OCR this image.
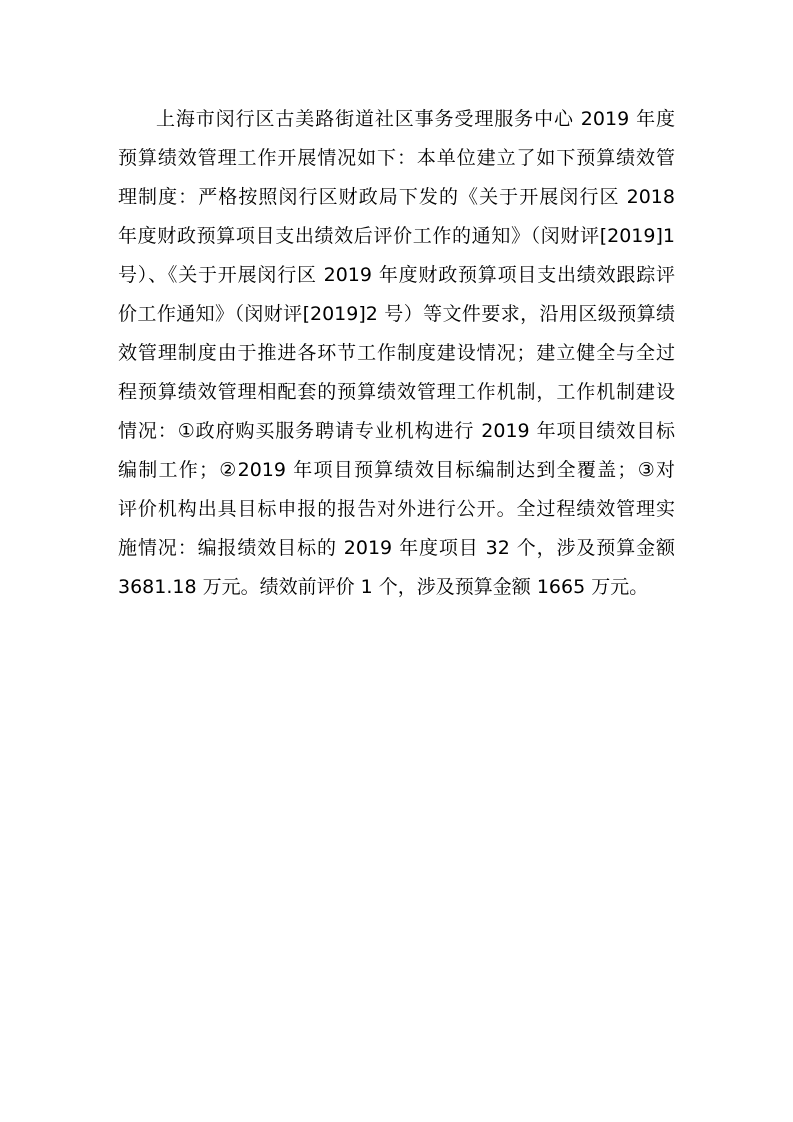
上海市闵行区古美路街道社区事务受理服务中心 2019 年度
预算绩效管理工作开展情况如下：本单位建立了如下预算绩效管
理制度：严格按照闵行区财政局下发的《关于开展闵行区 2018
年度财政预算项目支出绩效后评价工作的通知》（闵财评[2019]1
号）、《关于开展闵行区 2019 年度财政预算项目支出绩效跟踪评
价工作通知》（闵财评[2019]2 号）等文件要求，沿用区级预算绩
效管理制度由于推进各环节工作制度建设情况；建立健全与全过
程预算绩效管理相配套的预算绩效管理工作机制，工作机制建设
情况：①政府购买服务聘请专业机构进行 2019 年项目绩效目标
编制工作；②2019 年项目预算绩效目标编制达到全覆盖；③对
评价机构出具目标申报的报告对外进行公开。全过程绩效管理实
施情况：编报绩效目标的 2019 年度项目 32 个，涉及预算金额
3681.18 万元。绩效前评价 1 个，涉及预算金额 1665 万元。
